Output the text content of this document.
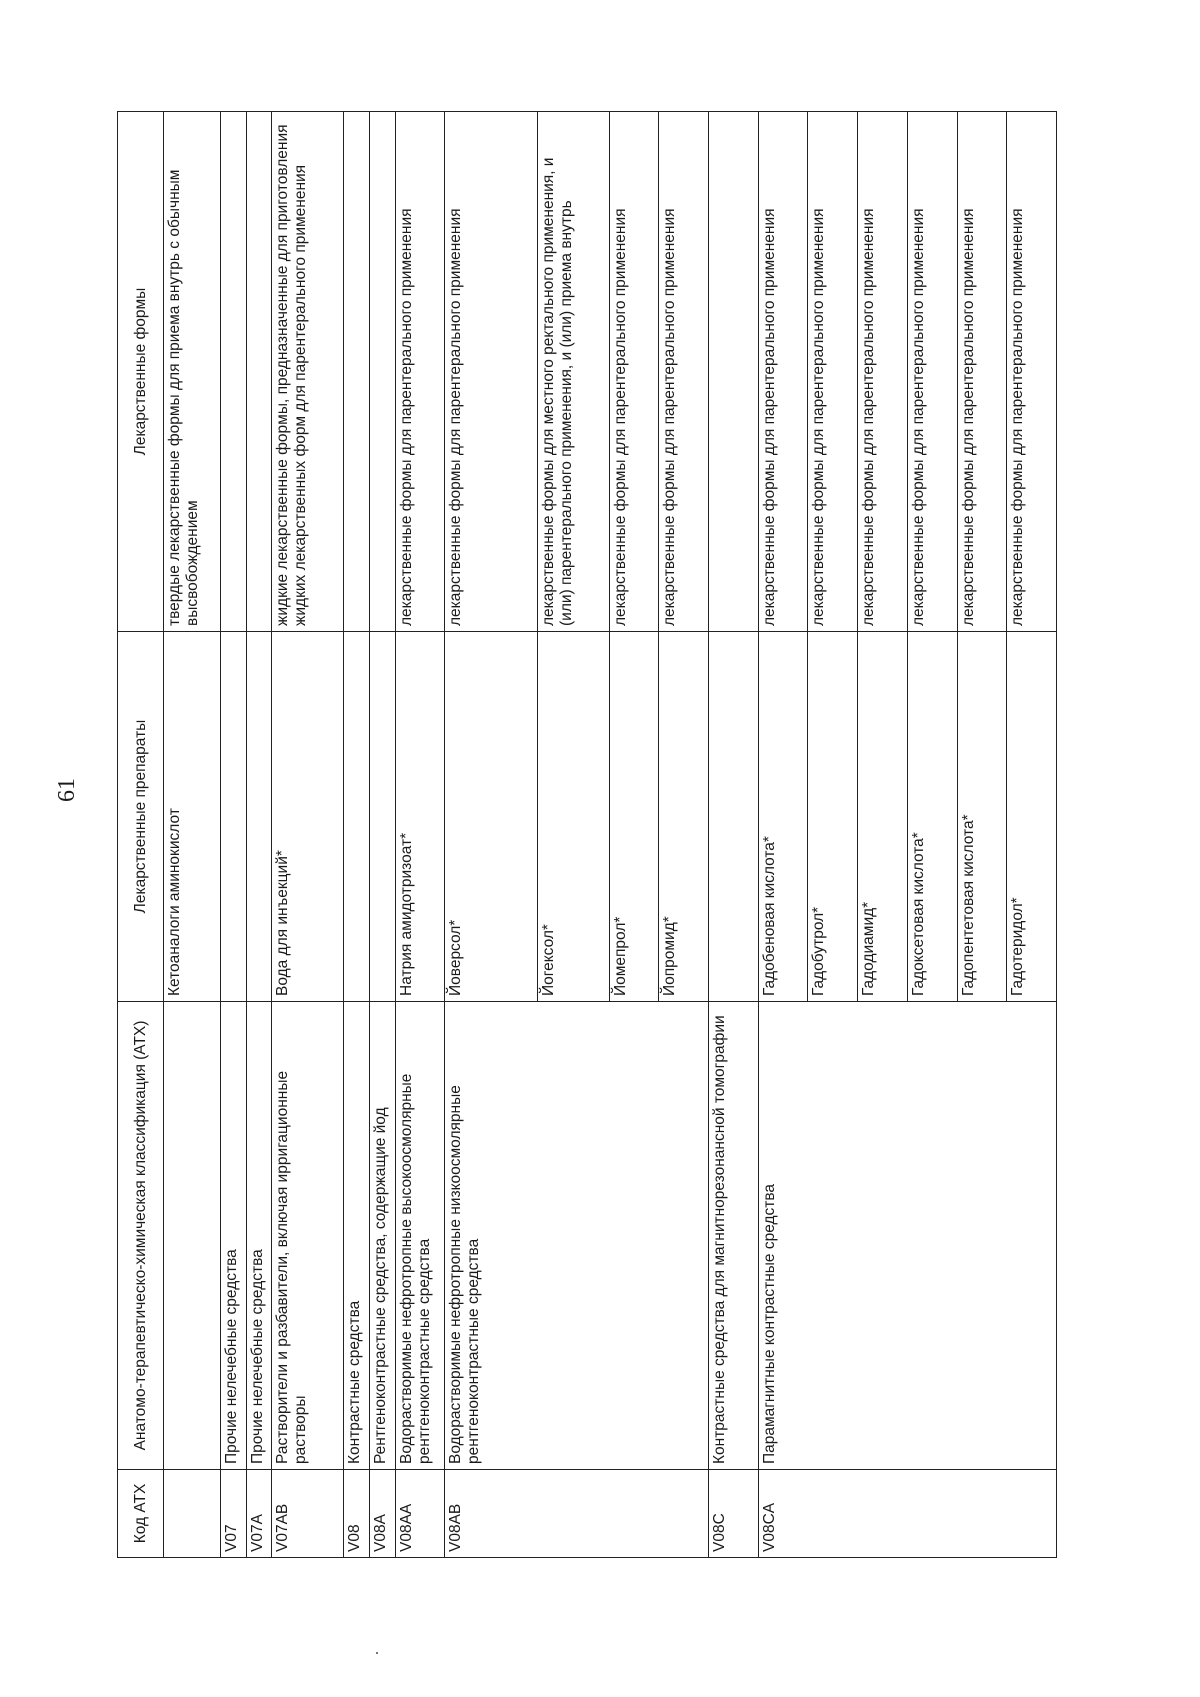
61
Код АТХ	Анатомо-терапевтическо-химическая классификация (АТХ)	Лекарственные препараты	Лекарственные формы
		Кетоаналоги аминокислот	твердые лекарственные формы для приема внутрь с обычным высвобождением
V07	Прочие нелечебные средства		
V07A	Прочие нелечебные средства		
V07AB	Растворители и разбавители, включая ирригационные растворы	Вода для инъекций*	жидкие лекарственные формы, предназначенные для приготовления жидких лекарственных форм для парентерального применения
V08	Контрастные средства		
V08A	Рентгеноконтрастные средства, содержащие йод		
V08AA	Водорастворимые нефротропные высокоосмолярные рентгеноконтрастные средства	Натрия амидотризоат*	лекарственные формы для парентерального применения
V08AB	Водорастворимые нефротропные низкоосмолярные рентгеноконтрастные средства	Йоверсол*	лекарственные формы для парентерального применения
		Йогексол*	лекарственные формы для местного ректального применения, и (или) парентерального применения, и (или) приема внутрь
		Йомепрол*	лекарственные формы для парентерального применения
		Йопромид*	лекарственные формы для парентерального применения
V08C	Контрастные средства для магнитнорезонансной томографии		
V08CA	Парамагнитные контрастные средства	Гадобеновая кислота*	лекарственные формы для парентерального применения
		Гадобутрол*	лекарственные формы для парентерального применения
		Гадодиамид*	лекарственные формы для парентерального применения
		Гадоксетовая кислота*	лекарственные формы для парентерального применения
		Гадопентетовая кислота*	лекарственные формы для парентерального применения
		Гадотеридол*	лекарственные формы для парентерального применения
